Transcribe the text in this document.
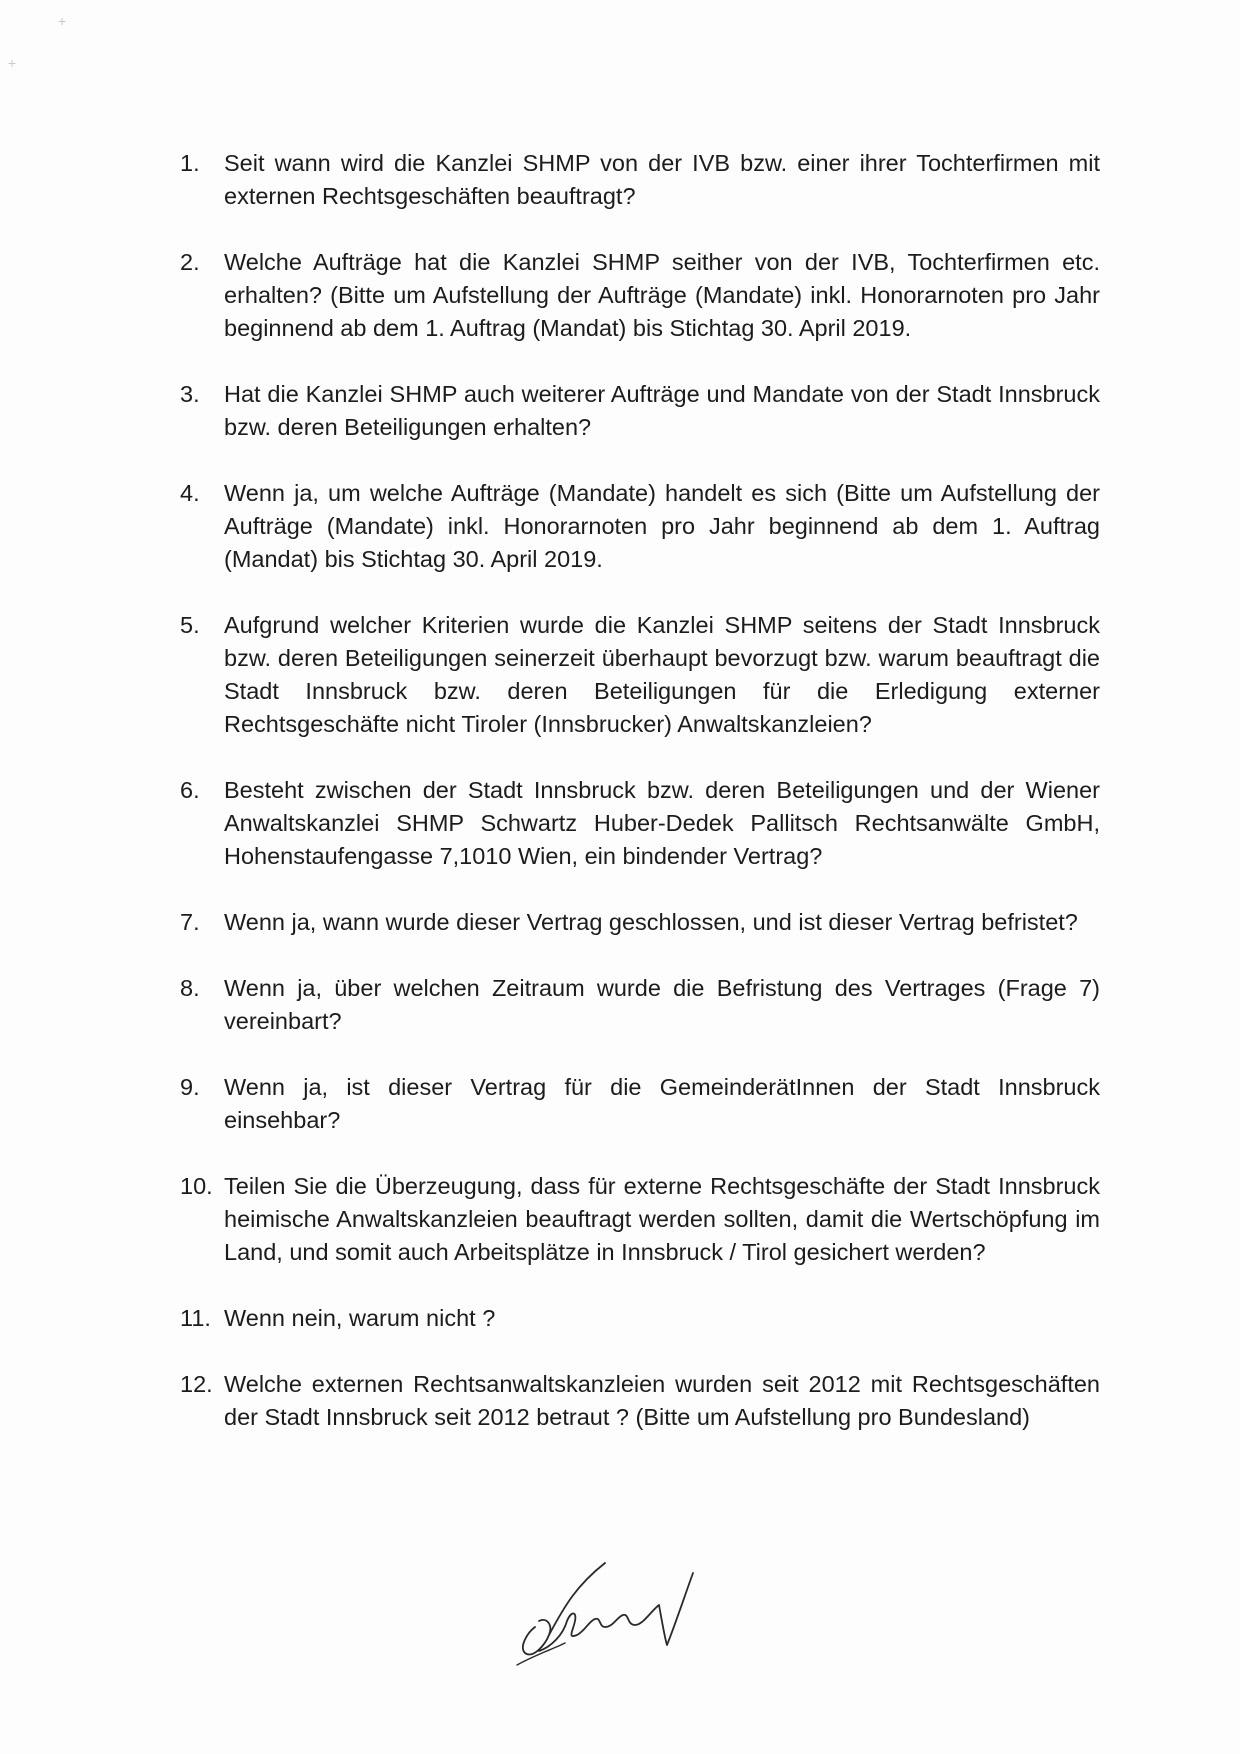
+
+
1.	Seit wann wird die Kanzlei SHMP von der IVB bzw. einer ihrer Tochterfirmen mit externen Rechtsgeschäften beauftragt?
2.	Welche Aufträge hat die Kanzlei SHMP seither von der IVB, Tochterfirmen etc. erhalten? (Bitte um Aufstellung der Aufträge (Mandate) inkl. Honorarnoten pro Jahr beginnend ab dem 1. Auftrag (Mandat) bis Stichtag 30. April 2019.
3.	Hat die Kanzlei SHMP auch weiterer Aufträge und Mandate von der Stadt Innsbruck bzw. deren Beteiligungen erhalten?
4.	Wenn ja, um welche Aufträge (Mandate) handelt es sich (Bitte um Aufstellung der Aufträge (Mandate) inkl. Honorarnoten pro Jahr beginnend ab dem 1. Auftrag (Mandat) bis Stichtag 30. April 2019.
5.	Aufgrund welcher Kriterien wurde die Kanzlei SHMP seitens der Stadt Innsbruck bzw. deren Beteiligungen seinerzeit überhaupt bevorzugt bzw. warum beauftragt die Stadt Innsbruck bzw. deren Beteiligungen für die Erledigung externer Rechtsgeschäfte nicht Tiroler (Innsbrucker) Anwaltskanzleien?
6.	Besteht zwischen der Stadt Innsbruck bzw. deren Beteiligungen und der Wiener Anwaltskanzlei SHMP Schwartz Huber-Dedek Pallitsch Rechtsanwälte GmbH, Hohenstaufengasse 7,1010 Wien, ein bindender Vertrag?
7.	Wenn ja, wann wurde dieser Vertrag geschlossen, und ist dieser Vertrag befristet?
8.	Wenn ja, über welchen Zeitraum wurde die Befristung des Vertrages (Frage 7) vereinbart?
9.	Wenn ja, ist dieser Vertrag für die GemeinderätInnen der Stadt Innsbruck einsehbar?
10. Teilen Sie die Überzeugung, dass für externe Rechtsgeschäfte der Stadt Innsbruck heimische Anwaltskanzleien beauftragt werden sollten, damit die Wertschöpfung im Land, und somit auch Arbeitsplätze in Innsbruck / Tirol gesichert werden?
11. Wenn nein, warum nicht ?
12. Welche externen Rechtsanwaltskanzleien wurden seit 2012 mit Rechtsgeschäften der Stadt Innsbruck seit 2012 betraut ? (Bitte um Aufstellung pro Bundesland)
